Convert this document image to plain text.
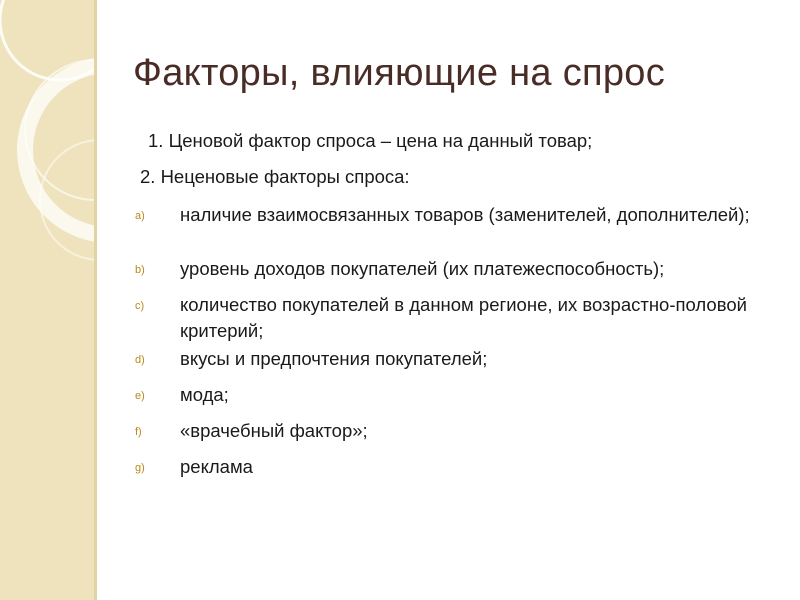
Факторы, влияющие на спрос
1. Ценовой фактор спроса – цена на данный товар;
2. Неценовые факторы спроса:
a) наличие взаимосвязанных товаров (заменителей, дополнителей);
b) уровень доходов покупателей (их платежеспособность);
c) количество покупателей в данном регионе, их возрастно-половой критерий;
d) вкусы и предпочтения покупателей;
e) мода;
f) «врачебный фактор»;
g) реклама
